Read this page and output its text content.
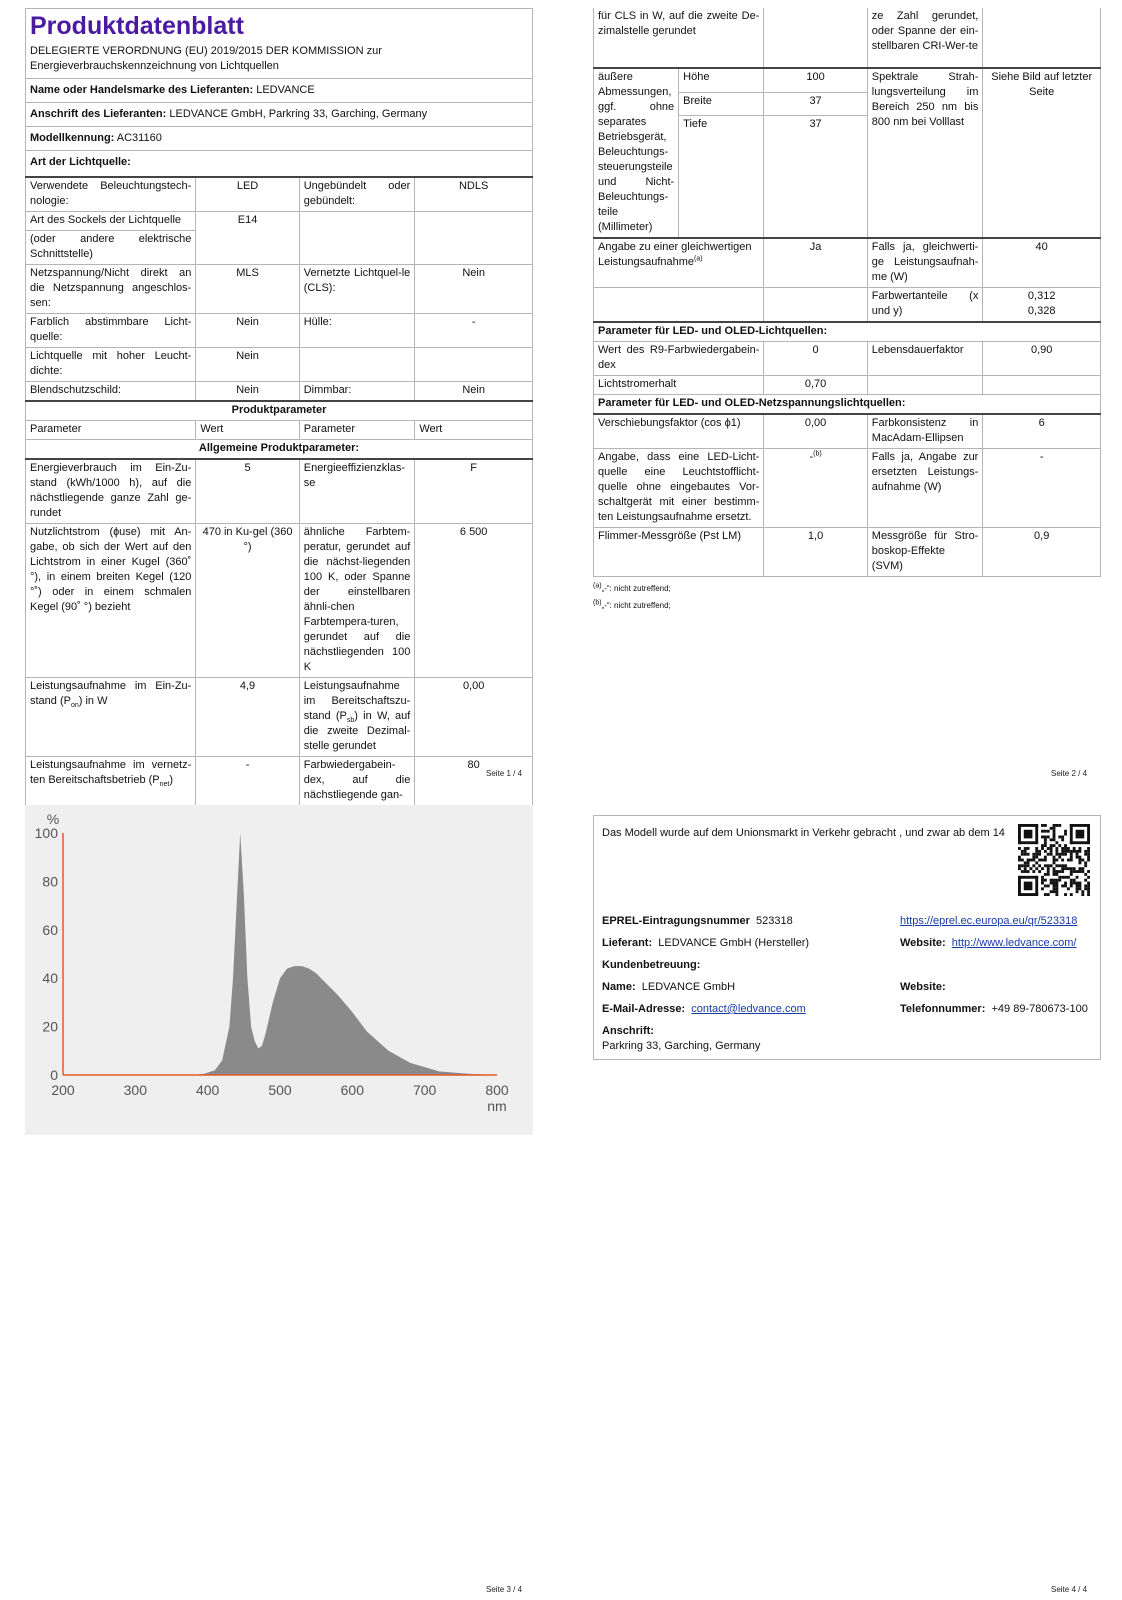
Produktdatenblatt			

DELEGIERTE VERORDNUNG (EU) 2019/2015 DER KOMMISSION zur Energieverbrauchskennzeichnung von Lichtquellen			
Name oder Handelsmarke des Lieferanten: LEDVANCE			
Anschrift des Lieferanten: LEDVANCE GmbH, Parkring 33, Garching, Germany			
Modellkennung: AC31160			
Art der Lichtquelle:			
Verwendete Beleuchtungstech-nologie:	LED	Ungebündelt oder gebündelt:	NDLS
Art des Sockels der Lichtquelle	E14		
(oder andere elektrische Schnittstelle)			
Netzspannung/Nicht direkt an die Netzspannung angeschlos-sen:	MLS	Vernetzte Lichtquel-le (CLS):	Nein
Farblich abstimmbare Licht-quelle:	Nein	Hülle:	-
Lichtquelle mit hoher Leucht-dichte:	Nein		
Blendschutzschild:	Nein	Dimmbar:	Nein
Produktparameter			
Parameter	Wert	Parameter	Wert
Allgemeine Produktparameter:			
Energieverbrauch im Ein-Zu-stand (kWh/1000 h), auf die nächstliegende ganze Zahl ge-rundet	5	Energieeffizienzklas-se	F
Nutzlichtstrom (ɸuse) mit An-gabe, ob sich der Wert auf den Lichtstrom in einer Kugel (360˚ °), in einem breiten Kegel (120 °˚) oder in einem schmalen Kegel (90˚ °) bezieht	470 in Ku-gel (360 °)	ähnliche Farbtem-peratur, gerundet auf die nächst-liegenden 100 K, oder Spanne der einstellbaren ähnli-chen Farbtempera-turen, gerundet auf die nächstliegenden 100 K	6 500
Leistungsaufnahme im Ein-Zu-stand $(P_{on})$ in W	4,9	Leistungsaufnahme im Bereitschaftszu-stand $(P_{sb})$ in W, auf die zweite Dezimal-stelle gerundet	0,00
Leistungsaufnahme im vernetz-ten Bereitschaftsbetrieb $(P_{net})$	-	Farbwiedergabein-dex, auf die nächstliegende gan-	80
Seite 1 / 4
für CLS in W, auf die zweite De-zimalstelle gerundet			ze Zahl gerundet, oder Spanne der ein-stellbaren CRI-Wer-te	
äußere Abmessungen, ggf. ohne separates Betriebsgerät, Beleuchtungs-steuerungsteile und Nicht-Beleuchtungs-teile (Millimeter)	Höhe	100	Spektrale Strah-lungsverteilung im Bereich 250 nm bis 800 nm bei Volllast	Siehe Bild auf letzter Seite
	Breite	37		
	Tiefe	37		
Angabe zu einer gleichwertigen Leistungsaufnahme$^{(a)}$		Ja	Falls ja, gleichwerti-ge Leistungsaufnah-me (W)	40
			Farbwertanteile (x und y)	0,312
0,328

Parameter für LED- und OLED-Lichtquellen:				
Wert des R9-Farbwiedergabein-dex		0	Lebensdauerfaktor	0,90
Lichtstromerhalt		0,70		
Parameter für LED- und OLED-Netzspannungslichtquellen:				
Verschiebungsfaktor (cos ϕ1)		0,00	Farbkonsistenz in MacAdam-Ellipsen	6
Angabe, dass eine LED-Licht-quelle eine Leuchtstofflicht-quelle ohne eingebautes Vor-schaltgerät mit einer bestimm-ten Leistungsaufnahme ersetzt.		-$^{(b)}$	Falls ja, Angabe zur ersetzten Leistungs-aufnahme (W)	-
Flimmer-Messgröße (Pst LM)		1,0	Messgröße für Stro-boskop-Effekte (SVM)	0,9
$^{(a)}$„-“: nicht zutreffend;
$^{(b)}$„-“: nicht zutreffend;
Seite 2 / 4
0
20
40
60
80
100
200	300	400	500	600	700	800
%
nm
Seite 3 / 4
Das Modell wurde auf dem Unionsmarkt in Verkehr gebracht , und zwar ab dem 14
EPREL-Eintragungsnummer 523318	https://eprel.ec.europa.eu/qr/523318
Lieferant: LEDVANCE GmbH (Hersteller)	Website: http://www.ledvance.com/
Kundenbetreuung:
Name: LEDVANCE GmbH	Website:
E-Mail-Adresse: contact@ledvance.com	Telefonnummer: +49 89-780673-100
Anschrift:
Parkring 33, Garching, Germany
Seite 4 / 4
